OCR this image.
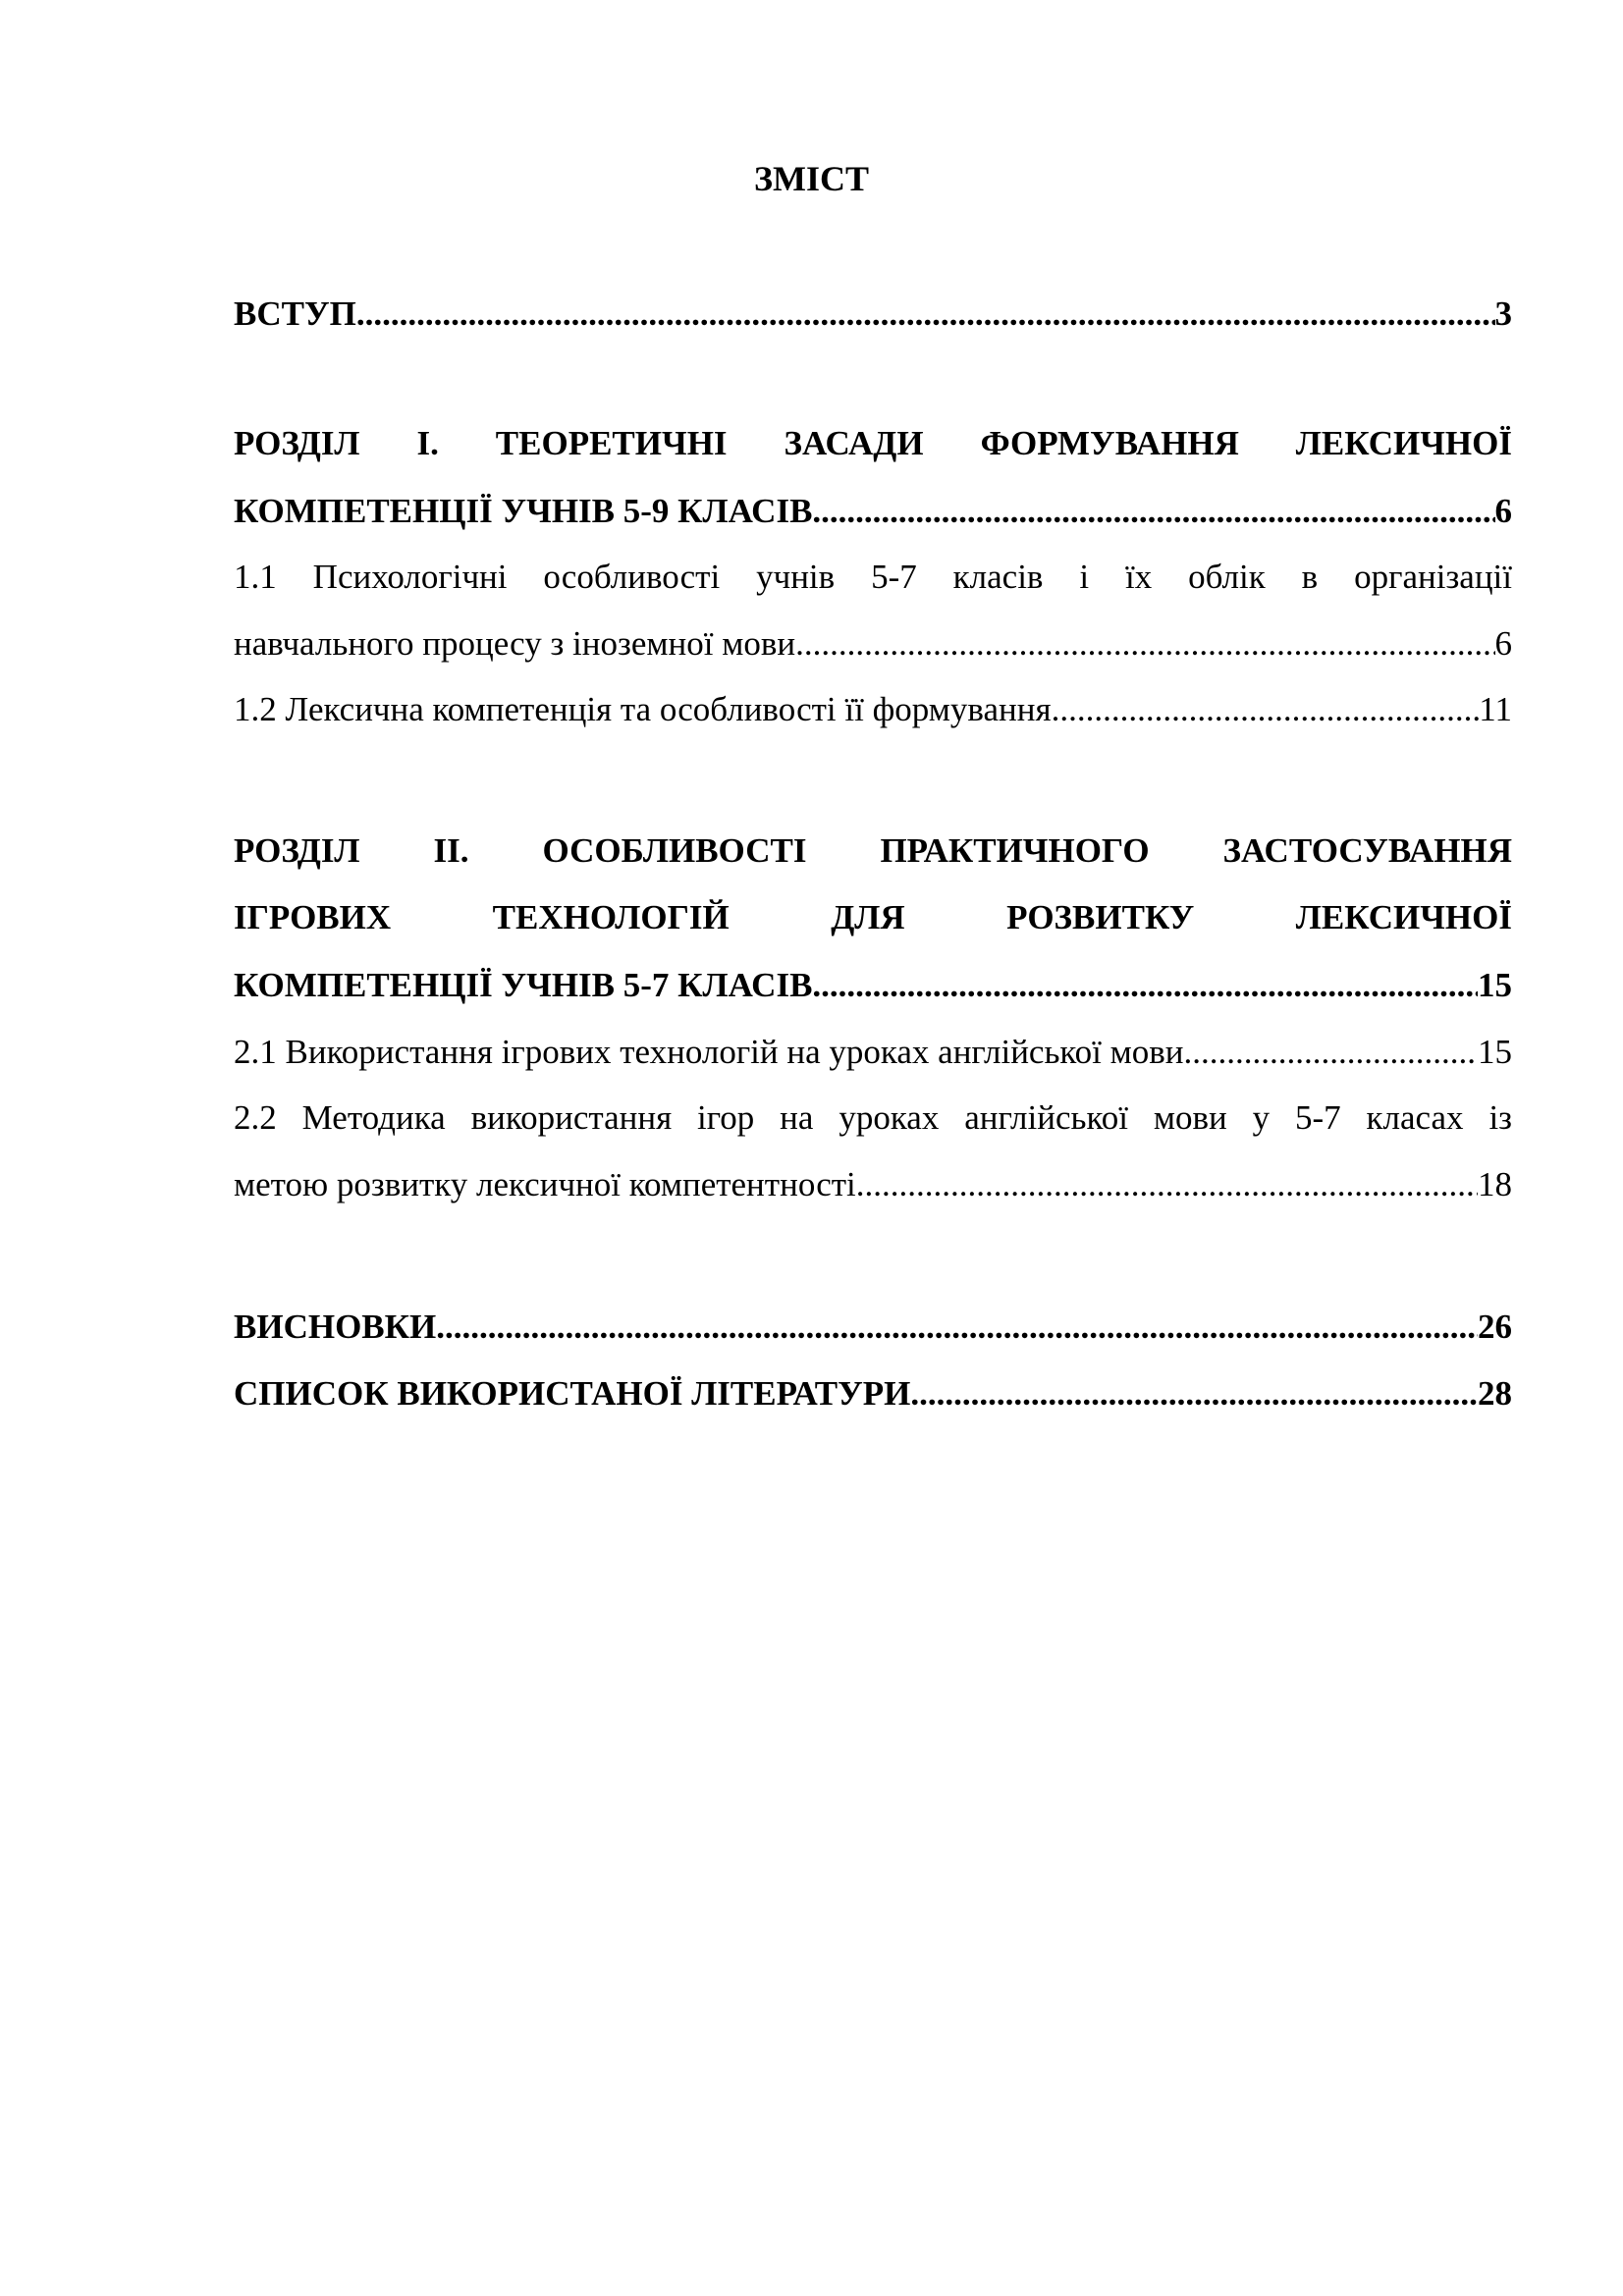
ЗМІСТ
ВСТУП .....	3
РОЗДІЛ І. ТЕОРЕТИЧНІ ЗАСАДИ ФОРМУВАННЯ ЛЕКСИЧНОЇ
КОМПЕТЕНЦІЇ УЧНІВ 5-9 КЛАСІВ .....	6
1.1 Психологічні особливості учнів 5-7 класів і їх облік в організації
навчального процесу з іноземної мови .....	6
1.2 Лексична компетенція та особливості її формування .....	11
РОЗДІЛ ІІ. ОСОБЛИВОСТІ ПРАКТИЧНОГО ЗАСТОСУВАННЯ
ІГРОВИХ ТЕХНОЛОГІЙ ДЛЯ РОЗВИТКУ ЛЕКСИЧНОЇ
КОМПЕТЕНЦІЇ УЧНІВ 5-7 КЛАСІВ .....	15
2.1 Використання ігрових технологій на уроках англійської мови .....	15
2.2 Методика використання ігор на уроках англійської мови у 5-7 класах із
метою розвитку лексичної компетентності .....	18
ВИСНОВКИ .....	26
СПИСОК ВИКОРИСТАНОЇ ЛІТЕРАТУРИ .....	28
